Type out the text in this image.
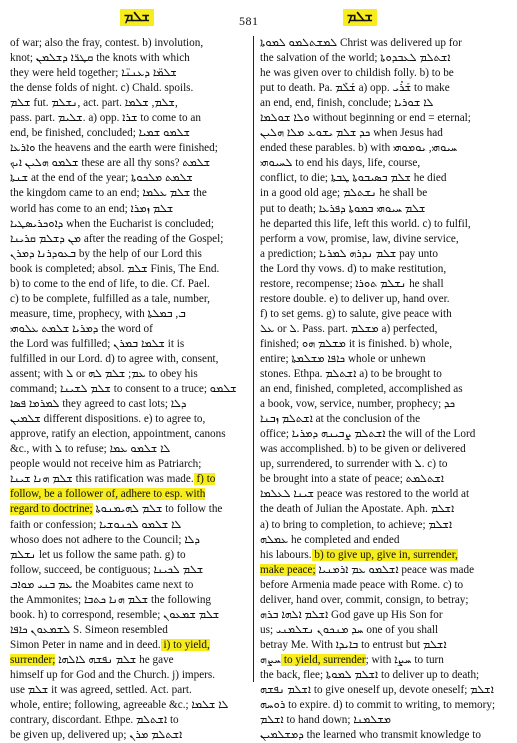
ܫܠܡ	581	ܫܠܡ
of war; also the fray, contest. b) involution,
knot; ܩܛܪ̈ܐ ܕܫܠܡܢ the knots with which
they were held together; ܫܠܡ̈ܐ ܕܥܢܢ̈ܐ
the dense folds of night. c) Chald. spoils.
ܫܠܡ fut. ܢܫܠܡ, act. part. ܫܠܡ, ܫܠܡܐ,
pass. part. ܫܠܝܡ. a) opp. ܫܪܐ to come to an
end, be finished, concluded; ܫܠܡܘ ܫܡܝܐ
ܘܐܪܥܐ the heavens and the earth were finished;
ܫܠܡܘ ܗܠܝܢ ܐܝܟ these are all thy sons? ܫܠܡܬ
ܫܢܬܐ at the end of the year; ܫܠܡܬ ܡܠܟܘܬܐ
the kingdom came to an end; ܫܠܡ ܥܠܡܐ the
world has come to an end; ܫܠܡ ܙܡܪܐ
ܕܐܘܟܪܝܣܛܝܐ when the Eucharist is concluded;
ܡܢ ܕܫܠܡ ܩܪܝܢܐ after the reading of the Gospel;
ܒܥܘܕܪܢܐ ܕܡܪܢ by the help of our Lord this
book is completed; absol. ܫܠܡ Finis, The End.
b) to come to the end of life, to die. Cf. Pael.
c) to be complete, fulfilled as a tale, number,
measure, time, prophecy, with ܒ, ܒܡܠܬܐ
ܕܡܪܝܐ ܫܠܡܬ ܥܠܘܗܝ the word of
the Lord was fulfilled; ܫܠܡܐ ܒܡܪܢ it is
fulfilled in our Lord. d) to agree with, consent,
assent; with ܠ or ܥܡ; ܫܠܡ ܠܗ to obey his
command; ܫܠܡ ܠܫܝܢܐ to consent to a truce; ܫܠܡܘ
ܠܡܪܡܐ ܦܣܐ they agreed to cast lots; ܕܠܐ
ܫܠܡܝܢ different dispositions. e) to agree to,
approve, ratify an election, appointment, canons
&c., with ܠ to refuse; ܠܐ ܫܠܡܘ ܥܡܐ
people would not receive him as Patriarch;
ܫܠܡ ܗܢܐ ܫܝܢܐ this ratification was made. f) to
follow, be a follower of, adhere to esp. with
regard to doctrine; ܫܠܡ ܠܗܝܡܢܘܬܐ to follow the
faith or confession; ܠܐ ܫܠܡܘ ܠܟܢܘܫܝܐ
whoso does not adhere to the Council; ܕܠܐ
ܢܫܠܡ let us follow the same path. g) to
follow, succeed, be contiguous; ܫܠܡ ܠܟܝܢܐ
ܥܡ ܒܢܝ ܡܘܐܒ the Moabites came next to
the Ammonites; ܫܠܡ ܗܢܐ ܟܬܒܐ the following
book. h) to correspond, resemble; ܫܠܡ ܫܡܥܘܢ
ܠܫܡܥܘܢ ܟܐܦܐ S. Simeon resembled
Simon Peter in name and in deed. i) to yield,
surrender; ܫܠܡ ܢܦܫܗ ܠܐܠܗܐ he gave
himself up for God and the Church. j) impers.
use ܫܠܡ it was agreed, settled. Act. part.
whole, entire; following, agreeable &c.; ܠܐ ܫܠܡܐ
contrary, discordant. Ethpe. ܐܫܬܠܡ to
be given up, delivered up; ܐܫܬܠܡ ܡܪܢ
ܠܡܫܬܠܡܘ ܠܡܘܬܐ Christ was delivered up for
the salvation of the world; ܐܫܬܠܡ ܠܥܒܕܘܬܐ
he was given over to childish folly. b) to be
put to death. Pa. ܫܰܠܶܡ a) opp. ܫܰܪܺܝ to make
an end, end, finish, conclude; ܠܐ ܫܘܪܝܐ
ܘܠܐ ܫܘܠܡܐ without beginning or end = eternal;
ܟܕ ܫܠܡ ܝܫܘܥ ܡܠܐ ܗܠܝܢ when Jesus had
ended these parables. b) with ܚܝܘܗܝ, ܝܘܡܘܗܝ
ܠܚܝܘܗܝ to end his days, life, course,
conflict, to die; ܫܠܡ ܒܣܝܒܘܬܐ ܛܒܬܐ he died
in a good old age; ܢܫܬܠܡ he shall be
put to death; ܫܠܡ ܚܝܘܗܝ ܒܡܘܬܐ ܕܦܪܥܐ
he departed this life, left this world. c) to fulfil,
perform a vow, promise, law, divine service,
a prediction; ܫܠܡ ܢܕܪܗ ܠܡܪܝܐ pay unto
the Lord thy vows. d) to make restitution,
restore, recompense; ܢܫܠܡ ܬܘܪܐ he shall
restore double. e) to deliver up, hand over.
f) to set gems. g) to salute, give peace with
ܥܠ or ܠ. Pass. part. ܡܫܠܡ a) perfected,
finished; ܡܫܠܡ ܗܘ it is finished. b) whole,
entire; ܟܐܦܐ ܡܫܠܡܬܐ whole or unhewn
stones. Ethpa. ܐܫܬܠܡ a) to be brought to
an end, finished, completed, accomplished as
a book, vow, service, number, prophecy; ܟܕ
ܐܫܬܠܡ ܙܒܢܐ at the conclusion of the
office; ܐܫܬܠܡ ܨܒܝܢܗ ܕܡܪܝܐ the will of the Lord
was accomplished. b) to be given or delivered
up, surrendered, to surrender with ܠ. c) to
be brought into a state of peace; ܐܫܬܠܡܬ
ܫܝܢܐ ܠܥܠܡܐ peace was restored to the world at
the death of Julian the Apostate. Aph. ܐܫܠܡ
a) to bring to completion, to achieve; ܐܫܠܡ
ܥܡܠܗ he completed and ended
his labours. b) to give up, give in, surrender,
make peace; ܐܫܠܡܘ ܥܡ ܐܪܡܢܝܐ peace was made
before Armenia made peace with Rome. c) to
deliver, hand over, commit, consign, to betray;
ܐܫܠܡ ܐܠܗܐ ܒܪܗ God gave up His Son for
us; ܚܕ ܡܢܟܘܢ ܢܫܠܡܢܝ one of you shall
betray Me. With ܒܐܝܕܐ to entrust but ܐܫܠܡ
ܚܨܗ to yield, surrender; with ܚܨܐ to turn
the back, flee; ܐܫܠܡ ܠܡܘܬܐ to deliver up to death;
ܐܫܠܡ ܢܦܫܗ to give oneself up, devote oneself; ܐܫܠܡ
ܪܘܚܗ to expire. d) to commit to writing, to memory;
ܐܫܠܡ to hand down; ܡܫܠܡܢܐ
ܕܡܫܠܡܝܢ the learned who transmit knowledge to
